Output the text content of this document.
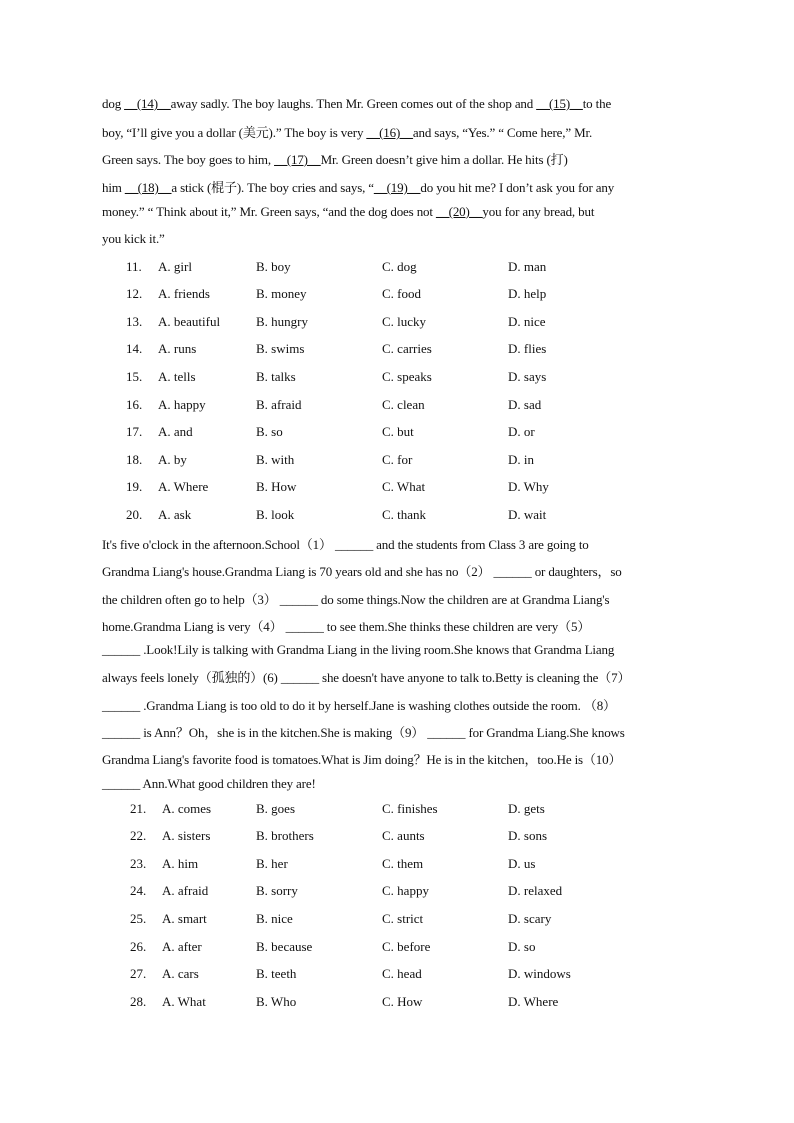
dog __(14)__away sadly. The boy laughs. Then Mr. Green comes out of the shop and __(15)__to the
boy, “I’ll give you a dollar (美元).” The boy is very __(16)__and says, “Yes.” “ Come here,” Mr.
Green says. The boy goes to him, __(17)__Mr. Green doesn’t give him a dollar. He hits (打)
him __(18)__a stick (棍子). The boy cries and says, “__(19)__do you hit me? I don’t ask you for any
money.” “ Think about it,” Mr. Green says, “and the dog does not __(20)__you for any bread, but
you kick it.”
11.	A. girl	B. boy	C. dog	D. man
12.	A. friends	B. money	C. food	D. help
13.	A. beautiful	B. hungry	C. lucky	D. nice
14.	A. runs	B. swims	C. carries	D. flies
15.	A. tells	B. talks	C. speaks	D. says
16.	A. happy	B. afraid	C. clean	D. sad
17.	A. and	B. so	C. but	D. or
18.	A. by	B. with	C. for	D. in
19.	A. Where	B. How	C. What	D. Why
20.	A. ask	B. look	C. thank	D. wait
It's five o'clock in the afternoon.School（1） ______ and the students from Class 3 are going to
Grandma Liang's house.Grandma Liang is 70 years old and she has no（2） ______ or daughters，so
the children often go to help（3） ______ do some things.Now the children are at Grandma Liang's
home.Grandma Liang is very（4） ______ to see them.She thinks these children are very（5）
______ .Look!Lily is talking with Grandma Liang in the living room.She knows that Grandma Liang
always feels lonely（孤独的）(6) ______ she doesn't have anyone to talk to.Betty is cleaning the（7）
______ .Grandma Liang is too old to do it by herself.Jane is washing clothes outside the room. （8）
______ is Ann？Oh，she is in the kitchen.She is making（9） ______ for Grandma Liang.She knows
Grandma Liang's favorite food is tomatoes.What is Jim doing？He is in the kitchen，too.He is（10）
______ Ann.What good children they are!
21.	A. comes	B. goes	C. finishes	D. gets
22.	A. sisters	B. brothers	C. aunts	D. sons
23.	A. him	B. her	C. them	D. us
24.	A. afraid	B. sorry	C. happy	D. relaxed
25.	A. smart	B. nice	C. strict	D. scary
26.	A. after	B. because	C. before	D. so
27.	A. cars	B. teeth	C. head	D. windows
28.	A. What	B. Who	C. How	D. Where
